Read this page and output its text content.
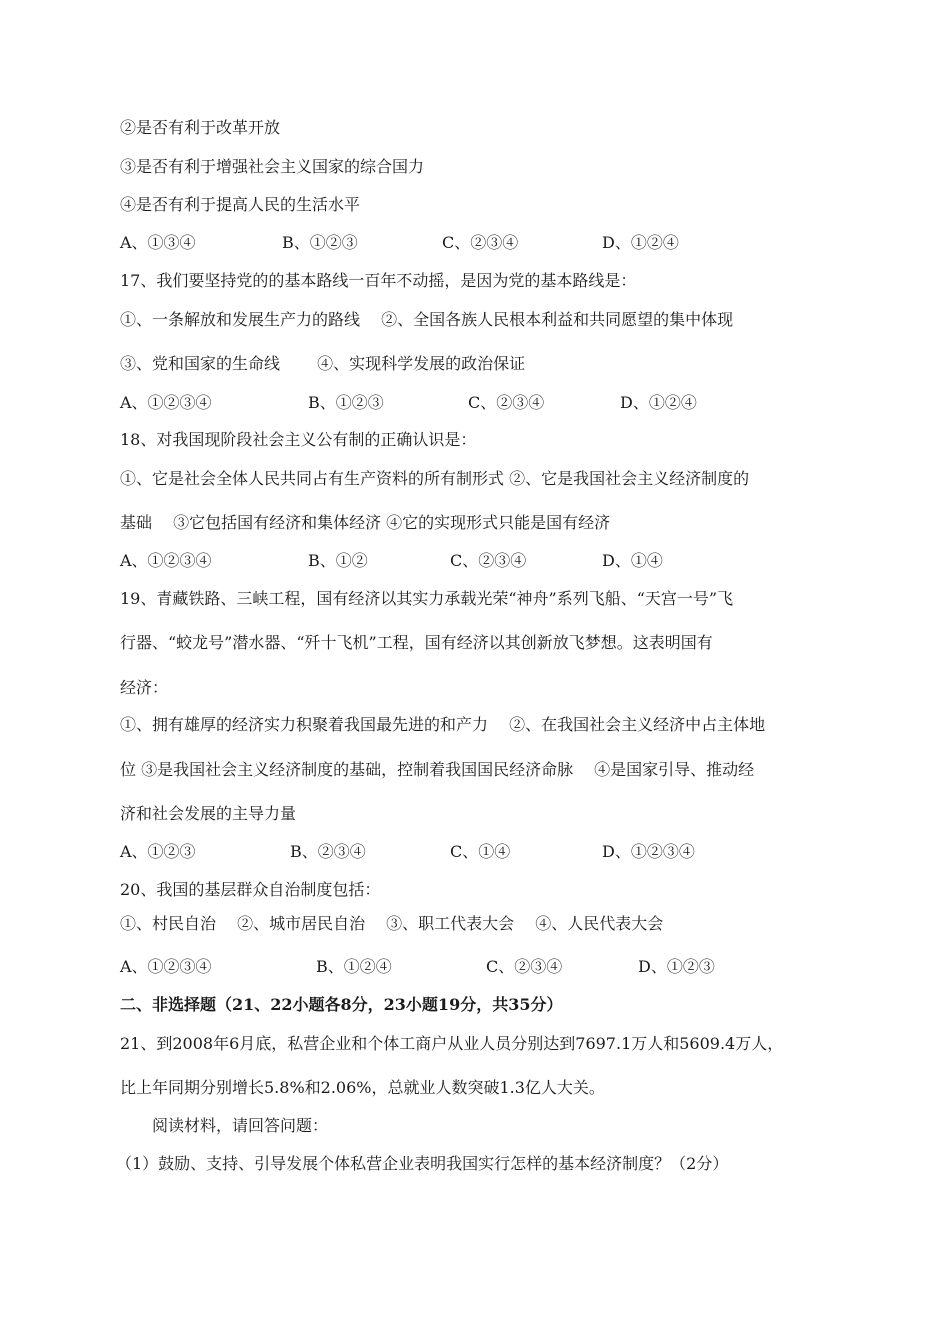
②是否有利于改革开放
③是否有利于增强社会主义国家的综合国力
④是否有利于提高人民的生活水平
A、①③④	B、①②③	C、②③④	D、①②④
17、我们要坚持党的的基本路线一百年不动摇，是因为党的基本路线是：
①、一条解放和发展生产力的路线　 ②、全国各族人民根本利益和共同愿望的集中体现
③、党和国家的生命线　 　④、实现科学发展的政治保证
A、①②③④	B、①②③	C、②③④	D、①②④
18、对我国现阶段社会主义公有制的正确认识是：
①、它是社会全体人民共同占有生产资料的所有制形式 ②、它是我国社会主义经济制度的
基础　 ③它包括国有经济和集体经济 ④它的实现形式只能是国有经济
A、①②③④	B、①②	C、②③④	D、①④
19、青藏铁路、三峡工程，国有经济以其实力承载光荣“神舟”系列飞船、“天宫一号”飞
行器、“蛟龙号”潜水器、“歼十飞机”工程，国有经济以其创新放飞梦想。这表明国有
经济：
①、拥有雄厚的经济实力积聚着我国最先进的和产力　 ②、在我国社会主义经济中占主体地
位 ③是我国社会主义经济制度的基础，控制着我国国民经济命脉　 ④是国家引导、推动经
济和社会发展的主导力量
A、①②③	B、②③④	C、①④	D、①②③④
20、我国的基层群众自治制度包括：
①、村民自治　 ②、城市居民自治　 ③、职工代表大会　 ④、人民代表大会
A、①②③④	B、①②④	C、②③④	D、①②③
二、非选择题（21、22小题各8分，23小题19分，共35分）
21、到2008年6月底，私营企业和个体工商户从业人员分别达到7697.1万人和5609.4万人，
比上年同期分别增长5.8%和2.06%，总就业人数突破1.3亿人大关。
阅读材料，请回答问题：
（1）鼓励、支持、引导发展个体私营企业表明我国实行怎样的基本经济制度？（2分）
